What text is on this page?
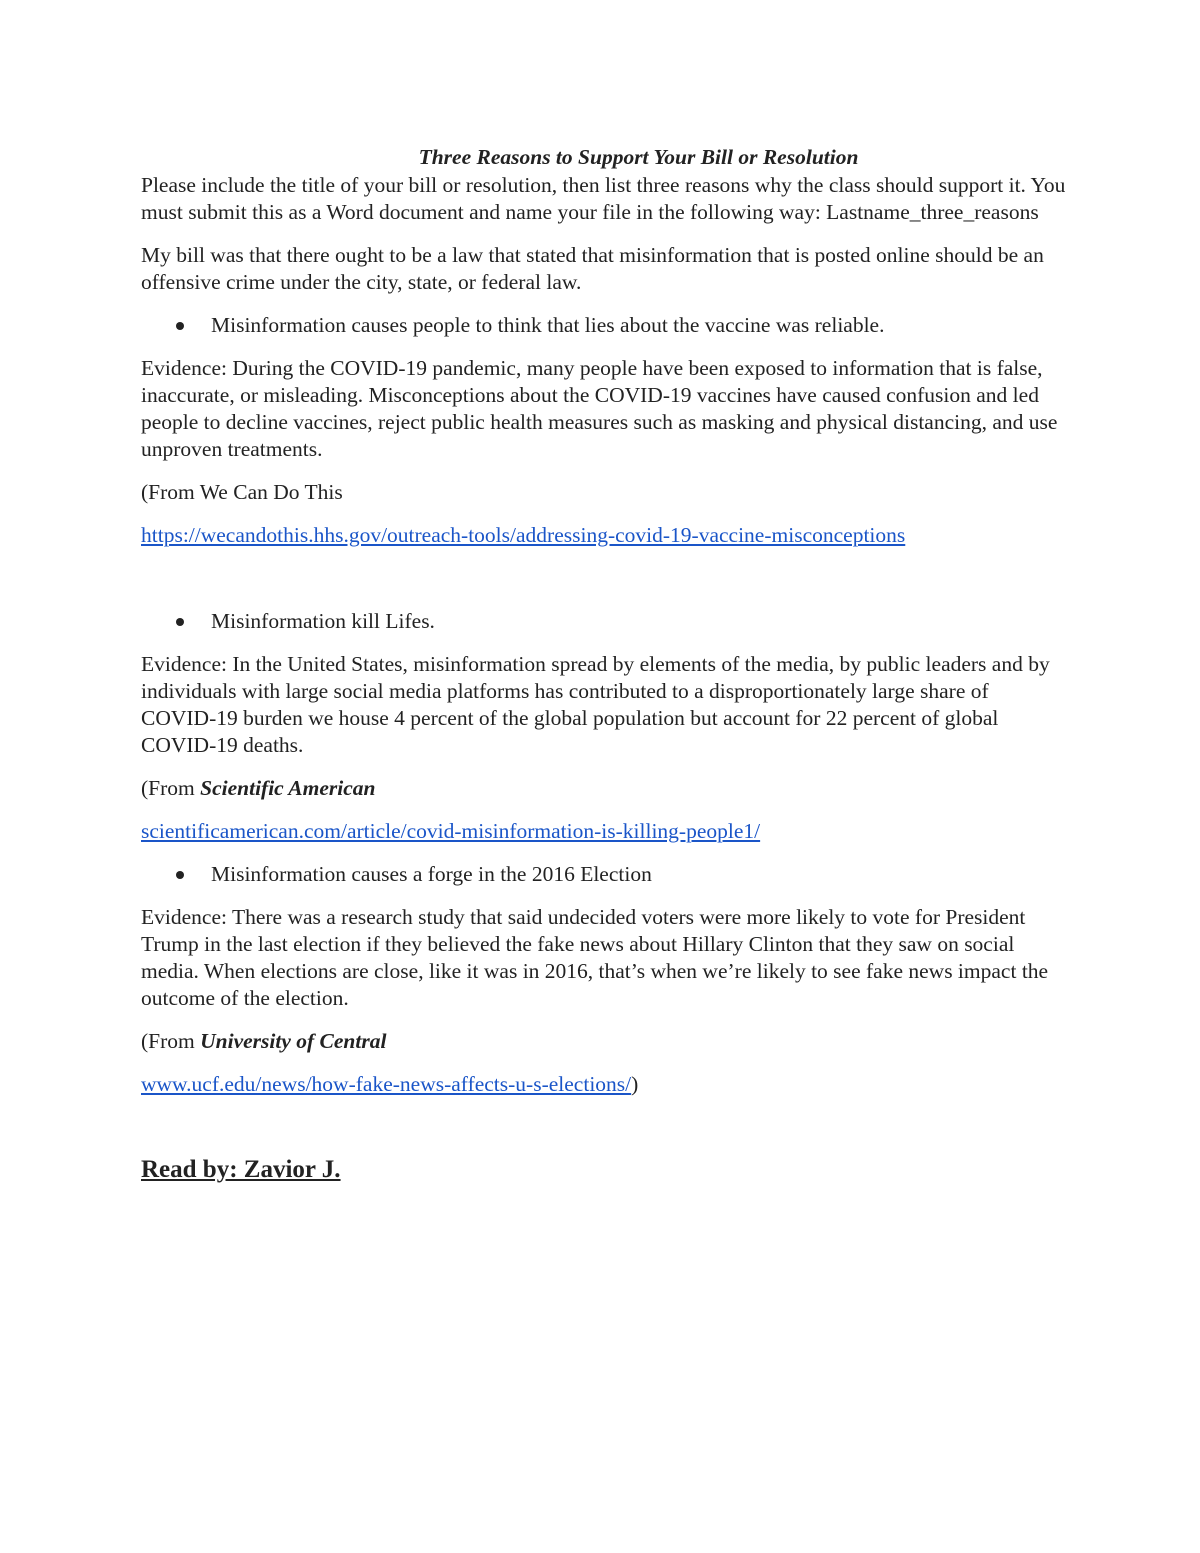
Three Reasons to Support Your Bill or Resolution

Please include the title of your bill or resolution, then list three reasons why the class should support it. You must submit this as a Word document and name your file in the following way: Lastname_three_reasons

My bill was that there ought to be a law that stated that misinformation that is posted online should be an offensive crime under the city, state, or federal law.

Misinformation causes people to think that lies about the vaccine was reliable.

Evidence: During the COVID-19 pandemic, many people have been exposed to information that is false, inaccurate, or misleading. Misconceptions about the COVID-19 vaccines have caused confusion and led people to decline vaccines, reject public health measures such as masking and physical distancing, and use unproven treatments.

(From We Can Do This

https://wecandothis.hhs.gov/outreach-tools/addressing-covid-19-vaccine-misconceptions

Misinformation kill Lifes.

Evidence: In the United States, misinformation spread by elements of the media, by public leaders and by individuals with large social media platforms has contributed to a disproportionately large share of COVID-19 burden we house 4 percent of the global population but account for 22 percent of global COVID-19 deaths.

(From Scientific American

scientificamerican.com/article/covid-misinformation-is-killing-people1/

Misinformation causes a forge in the 2016 Election

Evidence: There was a research study that said undecided voters were more likely to vote for President Trump in the last election if they believed the fake news about Hillary Clinton that they saw on social media. When elections are close, like it was in 2016, that’s when we’re likely to see fake news impact the outcome of the election.

(From University of Central

www.ucf.edu/news/how-fake-news-affects-u-s-elections/)

Read by: Zavior J.
